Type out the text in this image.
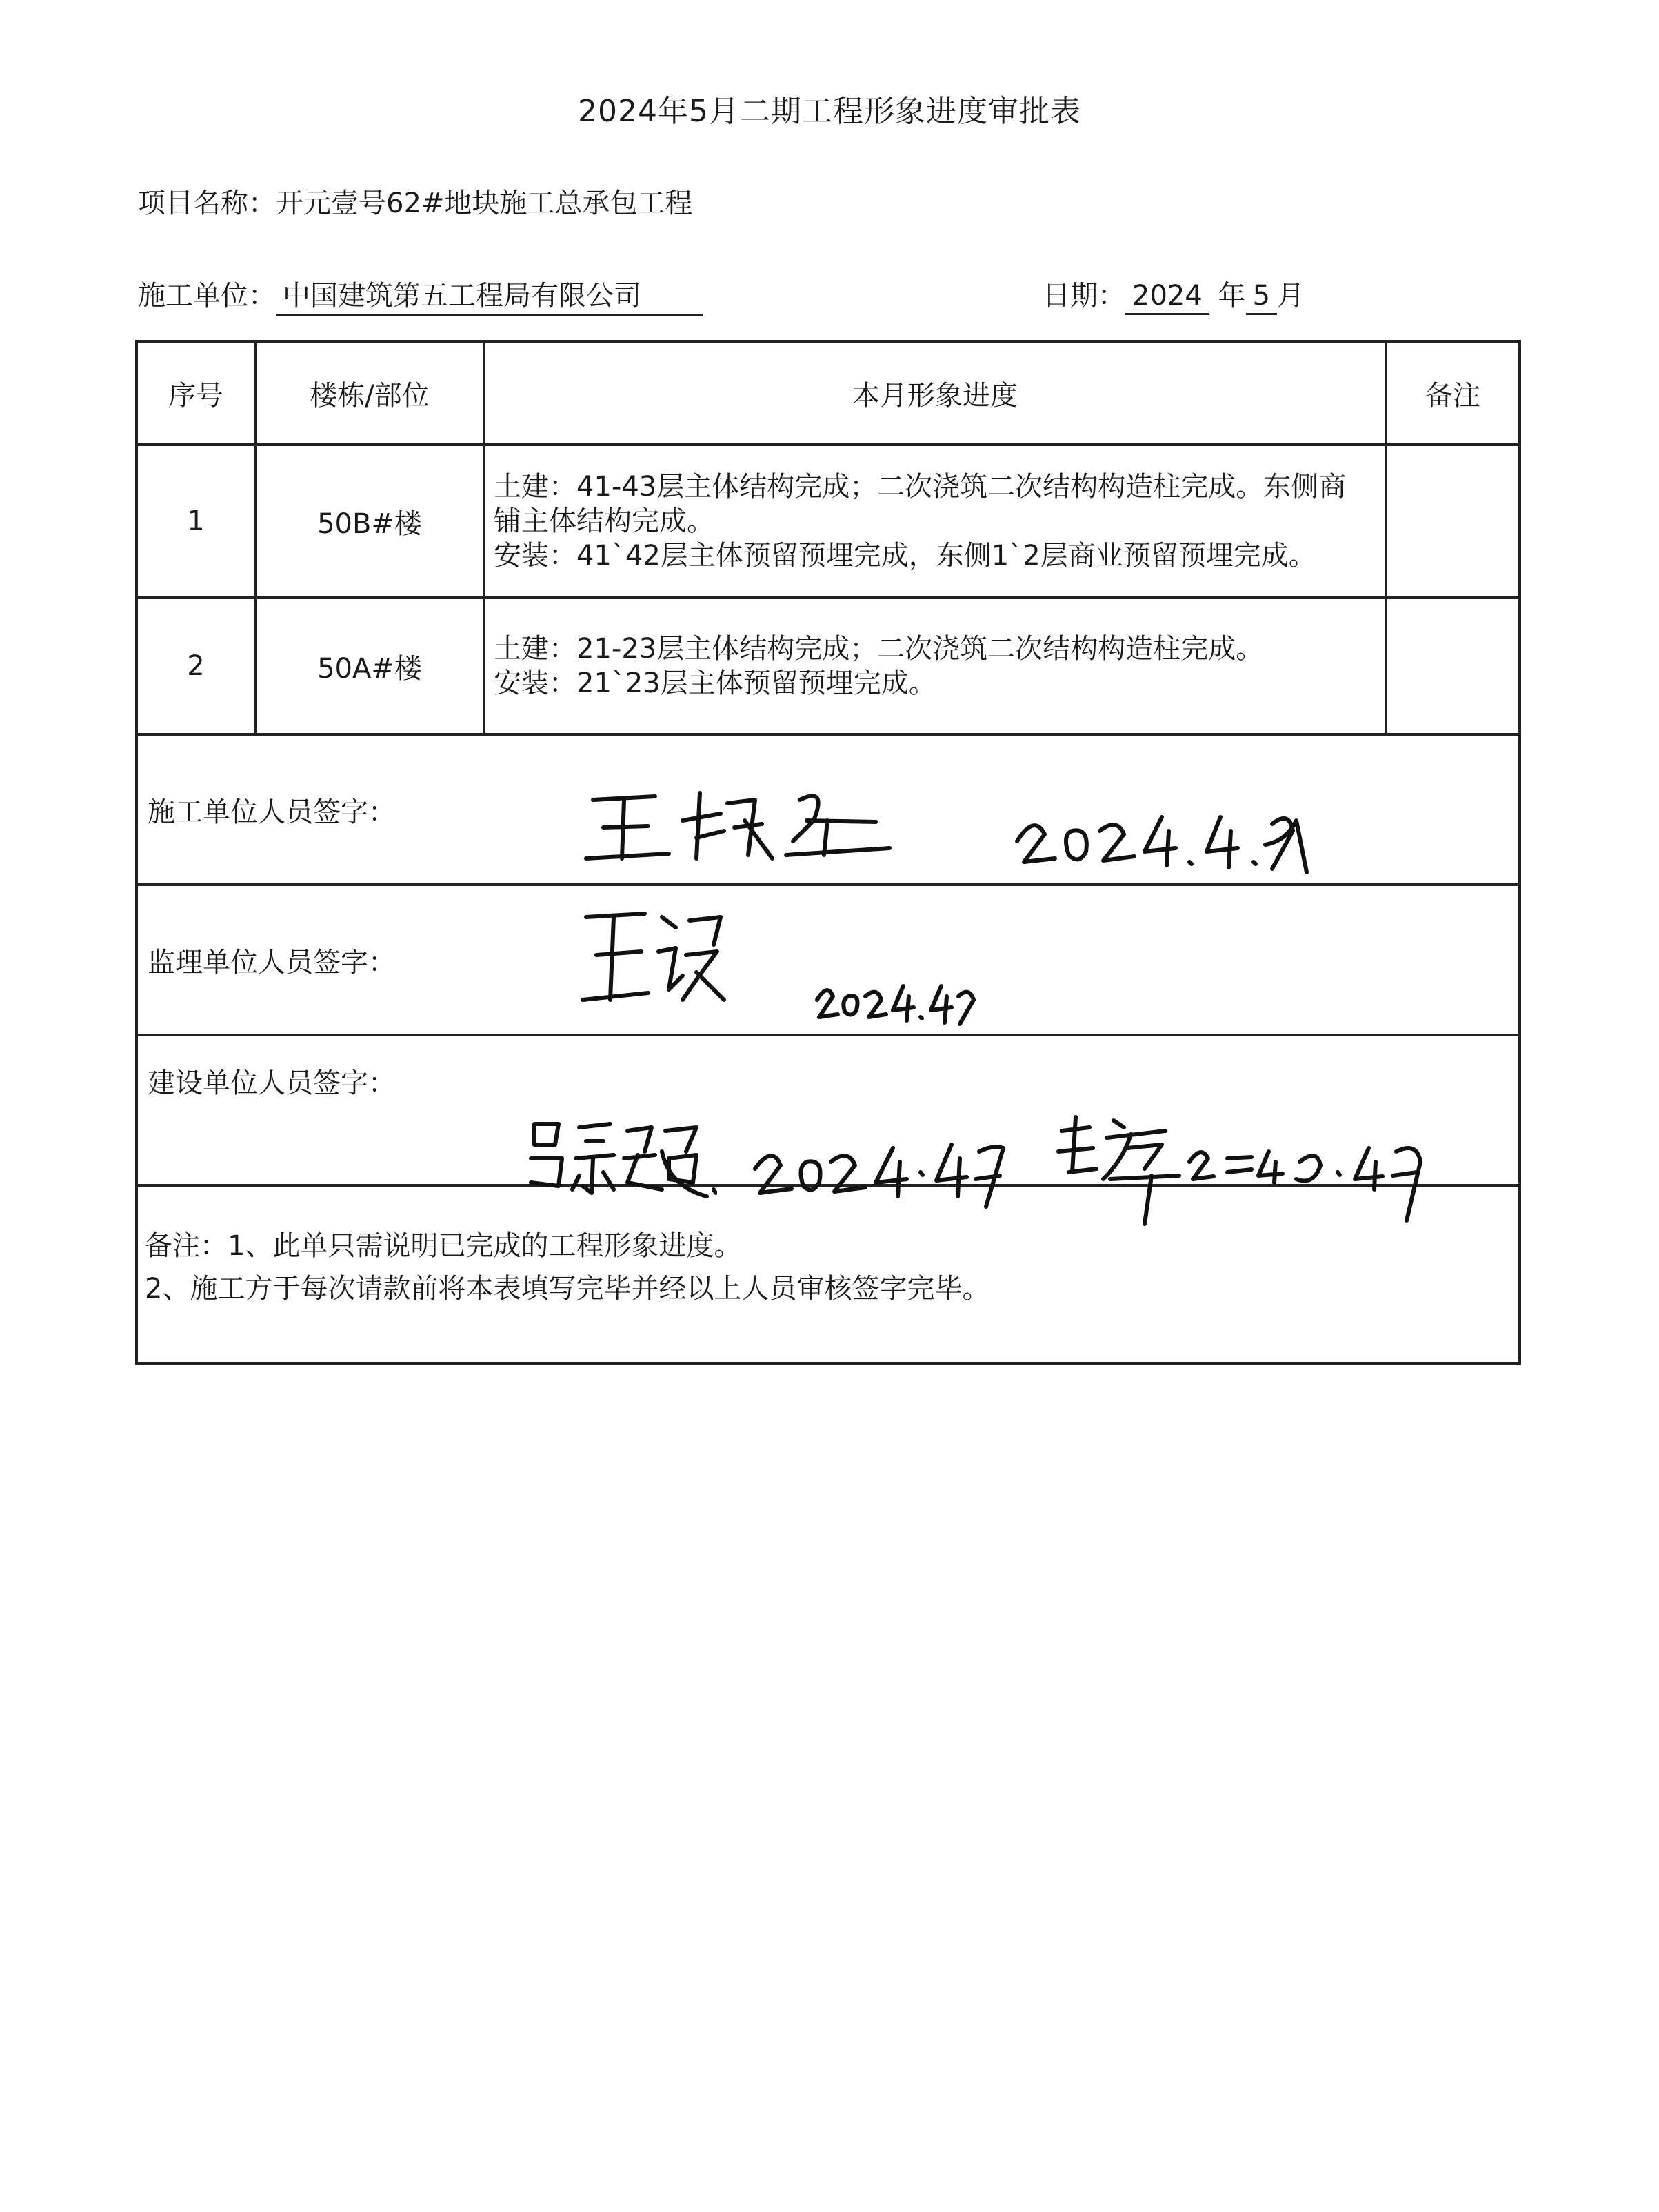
2024年5月二期工程形象进度审批表
项目名称：开元壹号62#地块施工总承包工程
施工单位： 中国建筑第五工程局有限公司	日期： 2024 年 5 月
序号	楼栋/部位	本月形象进度	备注
1	50B#楼	土建：41-43层主体结构完成；二次浇筑二次结构构造柱完成。东侧商
铺主体结构完成。
安装：41`42层主体预留预埋完成，东侧1`2层商业预留预埋完成。	

2	50A#楼	土建：21-23层主体结构完成；二次浇筑二次结构构造柱完成。
安装：21`23层主体预留预埋完成。	

施工单位人员签字：			
监理单位人员签字：			
建设单位人员签字：			

备注：1、此单只需说明已完成的工程形象进度。
2、施工方于每次请款前将本表填写完毕并经以上人员审核签字完毕。			
